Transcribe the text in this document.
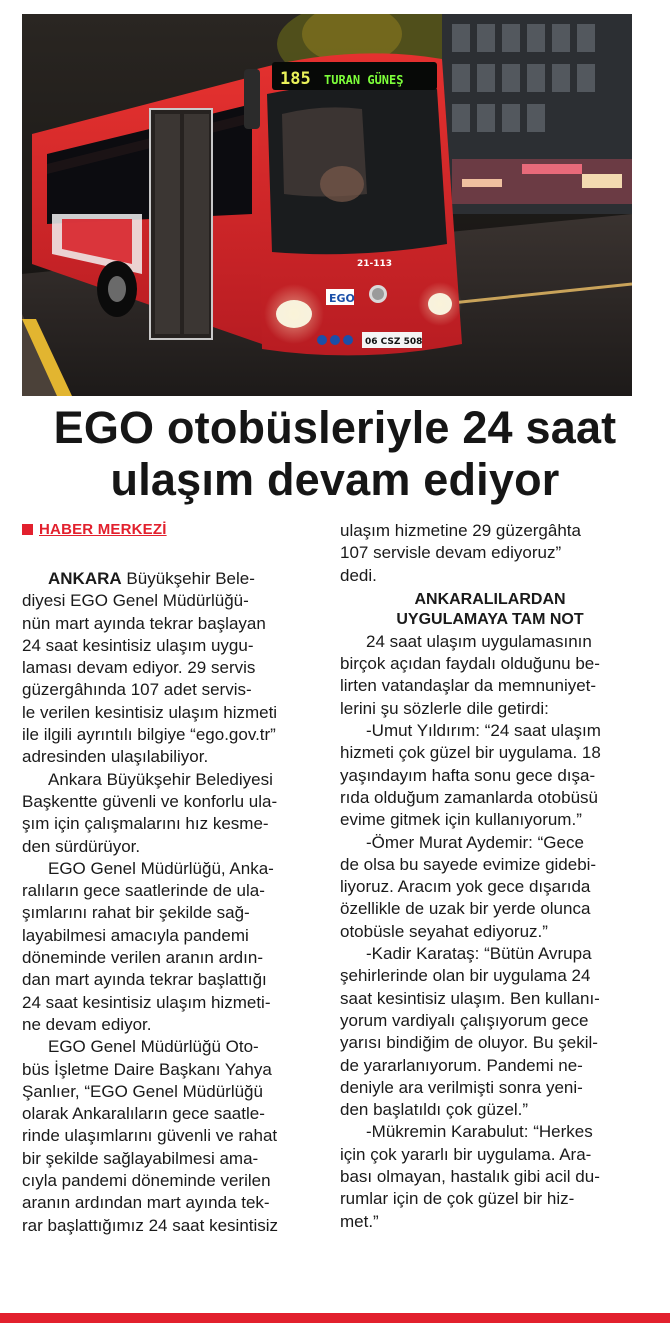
185 TURAN GÜNEŞ
21-113
EGO
06 CSZ 508
EGO otobüsleriyle 24 saat
ulaşım devam ediyor
HABER MERKEZİ

ANKARA Büyükşehir Bele-

diyesi EGO Genel Müdürlüğü-

nün mart ayında tekrar başlayan

24 saat kesintisiz ulaşım uygu-

laması devam ediyor. 29 servis

güzergâhında 107 adet servis-

le verilen kesintisiz ulaşım hizmeti

ile ilgili ayrıntılı bilgiye “ego.gov.tr”

adresinden ulaşılabiliyor.

Ankara Büyükşehir Belediyesi

Başkentte güvenli ve konforlu ula-

şım için çalışmalarını hız kesme-

den sürdürüyor.

EGO Genel Müdürlüğü, Anka-

ralıların gece saatlerinde de ula-

şımlarını rahat bir şekilde sağ-

layabilmesi amacıyla pandemi

döneminde verilen aranın ardın-

dan mart ayında tekrar başlattığı

24 saat kesintisiz ulaşım hizmeti-

ne devam ediyor.

EGO Genel Müdürlüğü Oto-

büs İşletme Daire Başkanı Yahya

Şanlıer, “EGO Genel Müdürlüğü

olarak Ankaralıların gece saatle-

rinde ulaşımlarını güvenli ve rahat

bir şekilde sağlayabilmesi ama-

cıyla pandemi döneminde verilen

aranın ardından mart ayında tek-

rar başlattığımız 24 saat kesintisiz

ulaşım hizmetine 29 güzergâhta

107 servisle devam ediyoruz”

dedi.

ANKARALILARDAN
UYGULAMAYA TAM NOT

24 saat ulaşım uygulamasının

birçok açıdan faydalı olduğunu be-

lirten vatandaşlar da memnuniyet-

lerini şu sözlerle dile getirdi:

-Umut Yıldırım: “24 saat ulaşım

hizmeti çok güzel bir uygulama. 18

yaşındayım hafta sonu gece dışa-

rıda olduğum zamanlarda otobüsü

evime gitmek için kullanıyorum.”

-Ömer Murat Aydemir: “Gece

de olsa bu sayede evimize gidebi-

liyoruz. Aracım yok gece dışarıda

özellikle de uzak bir yerde olunca

otobüsle seyahat ediyoruz.”

-Kadir Karataş: “Bütün Avrupa

şehirlerinde olan bir uygulama 24

saat kesintisiz ulaşım. Ben kullanı-

yorum vardiyalı çalışıyorum gece

yarısı bindiğim de oluyor. Bu şekil-

de yararlanıyorum. Pandemi ne-

deniyle ara verilmişti sonra yeni-

den başlatıldı çok güzel.”

-Mükremin Karabulut: “Herkes

için çok yararlı bir uygulama. Ara-

bası olmayan, hastalık gibi acil du-

rumlar için de çok güzel bir hiz-

met.”
